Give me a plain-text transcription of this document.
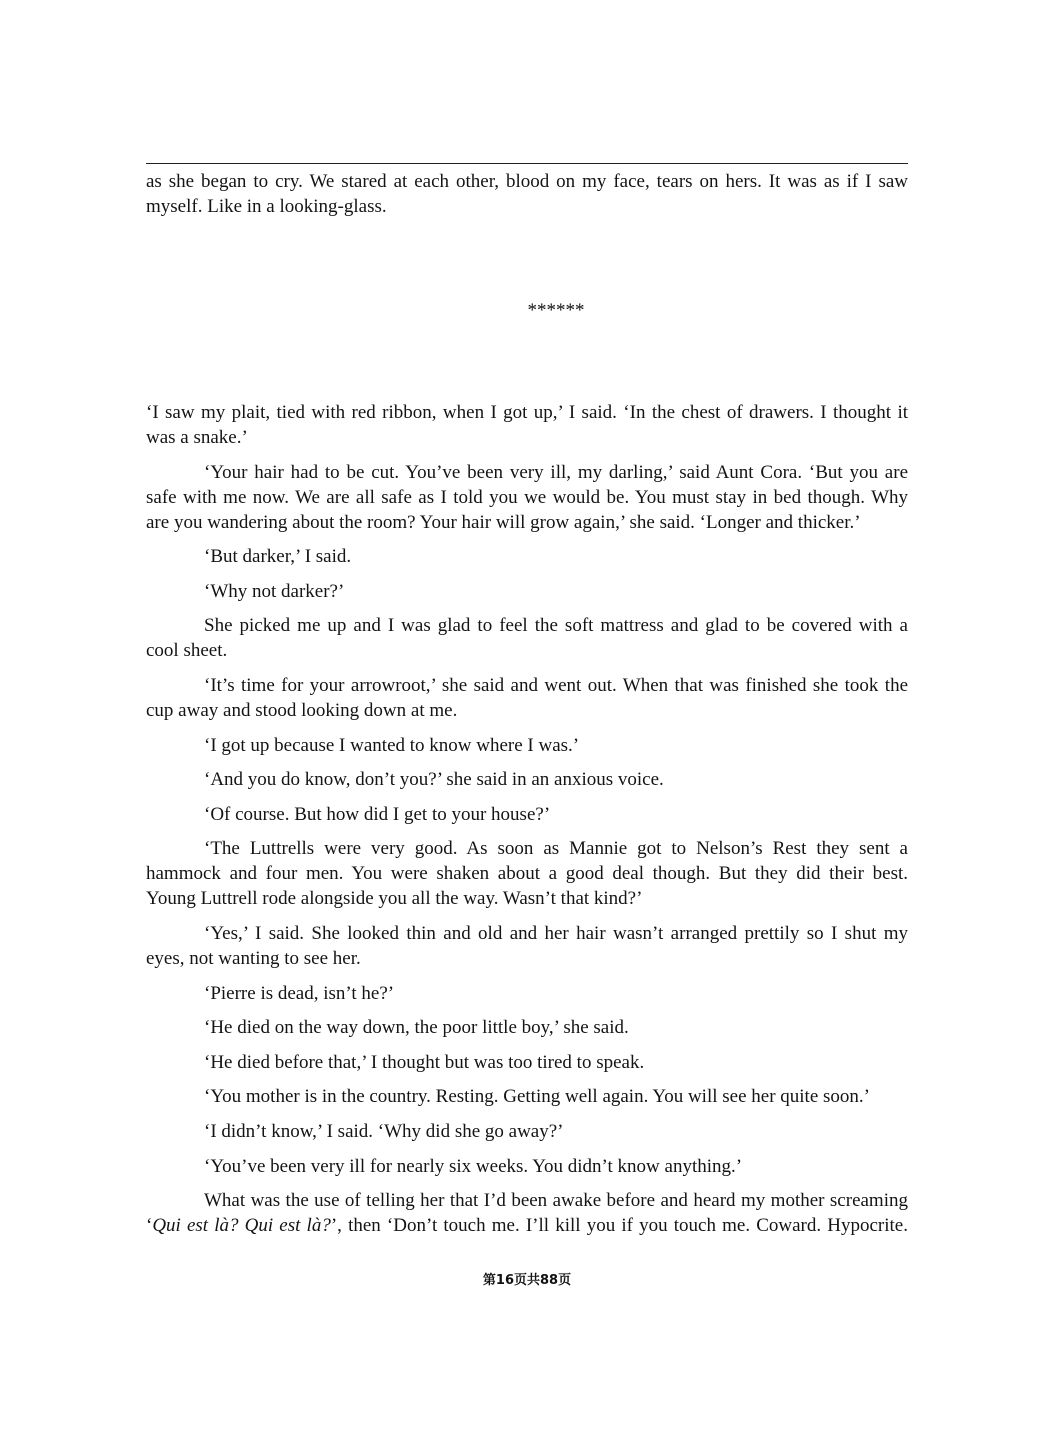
as she began to cry. We stared at each other, blood on my face, tears on hers. It was as if I saw
myself. Like in a looking-glass.
******
‘I saw my plait, tied with red ribbon, when I got up,’ I said. ‘In the chest of drawers. I thought it
was a snake.’
‘Your hair had to be cut. You’ve been very ill, my darling,’ said Aunt Cora. ‘But you are
safe with me now. We are all safe as I told you we would be. You must stay in bed though. Why
are you wandering about the room? Your hair will grow again,’ she said. ‘Longer and thicker.’
‘But darker,’ I said.
‘Why not darker?’
She picked me up and I was glad to feel the soft mattress and glad to be covered with a
cool sheet.
‘It’s time for your arrowroot,’ she said and went out. When that was finished she took the
cup away and stood looking down at me.
‘I got up because I wanted to know where I was.’
‘And you do know, don’t you?’ she said in an anxious voice.
‘Of course. But how did I get to your house?’
‘The Luttrells were very good. As soon as Mannie got to Nelson’s Rest they sent a
hammock and four men. You were shaken about a good deal though. But they did their best.
Young Luttrell rode alongside you all the way. Wasn’t that kind?’
‘Yes,’ I said. She looked thin and old and her hair wasn’t arranged prettily so I shut my
eyes, not wanting to see her.
‘Pierre is dead, isn’t he?’
‘He died on the way down, the poor little boy,’ she said.
‘He died before that,’ I thought but was too tired to speak.
‘You mother is in the country. Resting. Getting well again. You will see her quite soon.’
‘I didn’t know,’ I said. ‘Why did she go away?’
‘You’ve been very ill for nearly six weeks. You didn’t know anything.’
What was the use of telling her that I’d been awake before and heard my mother screaming
‘Qui est là? Qui est là?’, then ‘Don’t touch me. I’ll kill you if you touch me. Coward. Hypocrite.
第16页共88页
